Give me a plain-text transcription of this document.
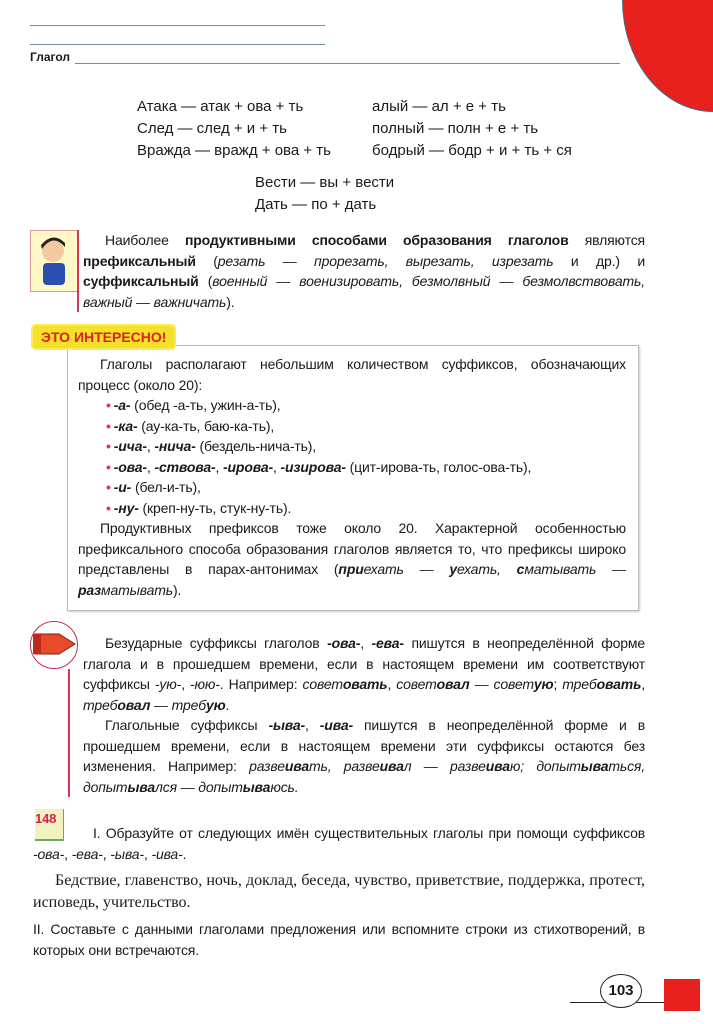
Глагол
Атака — атак + ова + ть
След — след + и + ть
Вражда — вражд + ова + ть
алый — ал + е + ть
полный — полн + е + ть
бодрый — бодр + и + ть + ся
Вести — вы + вести
Дать — по + дать

Наиболее продуктивными способами образования глаголов являются префиксальный (резать — прорезать, вырезать, изрезать и др.) и суффиксальный (военный — военизировать, безмолвный — безмолвствовать, важный — важничать).

ЭТО ИНТЕРЕСНО!

Глаголы располагают небольшим количеством суффиксов, обозначающих процесс (около 20):

• -а- (обед -а-ть, ужин-а-ть),
• -ка- (ау-ка-ть, баю-ка-ть),
• -ича-, -нича- (бездель-нича-ть),
• -ова-, -ствова-, -ирова-, -изирова- (цит-ирова-ть, голос-ова-ть),
• -и- (бел-и-ть),
• -ну- (креп-ну-ть, стук-ну-ть).

Продуктивных префиксов тоже около 20. Характерной особенностью префиксального способа образования глаголов является то, что префиксы широко представлены в парах-антонимах (приехать — уехать, сматывать — разматывать).

Безударные суффиксы глаголов -ова-, -ева- пишутся в неопределённой форме глагола и в прошедшем времени, если в настоящем времени им соответствуют суффиксы -ую-, -юю-. Например: советовать, советовал — советую; требовать, требовал — требую.

Глагольные суффиксы -ыва-, -ива- пишутся в неопределённой форме и в прошедшем времени, если в настоящем времени эти суффиксы остаются без изменения. Например: развеивать, развеивал — развеиваю; допытываться, допытывался — допытываюсь.

148

I. Образуйте от следующих имён существительных глаголы при помощи суффиксов -ова-, -ева-, -ыва-, -ива-.

Бедствие, главенство, ночь, доклад, беседа, чувство, приветствие, поддержка, протест, исповедь, учительство.

II. Составьте с данными глаголами предложения или вспомните строки из стихотворений, в которых они встречаются.

103
